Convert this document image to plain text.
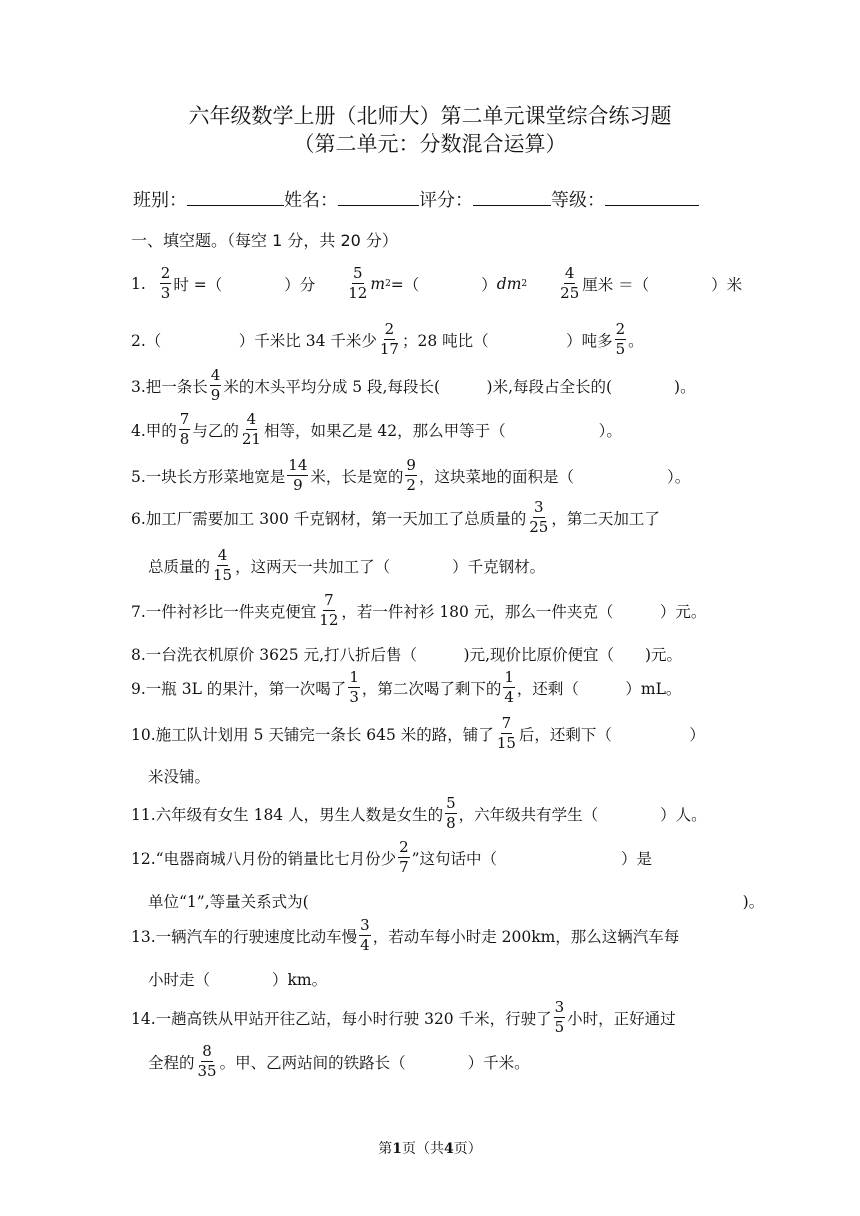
六年级数学上册（北师大）第二单元课堂综合练习题
（第二单元：分数混合运算）
班别：	姓名：	评分：	等级：
一、填空题。（每空 1 分，共 20 分）
1. $\frac{2}{3}$ 时 =（　　　　）分 $\frac{5}{12}$ m 2 =（　　　　） dm $2 \frac{4}{25}$ 厘米 ＝（　　　　）米
2.（　　　　　）千米比 34 千米少 $\frac{2}{17}$ ；28 吨比（　　　　　）吨多 $\frac{2}{5}$ 。
3.把一条长 $\frac{4}{9}$ 米的木头平均分成 5 段,每段长(　　　)米,每段占全长的(　　　　)。
4.甲的 $\frac{7}{8}$ 与乙的 $\frac{4}{21}$ 相等，如果乙是 42，那么甲等于（　　　　　　）。
5.一块长方形菜地宽是 $\frac{14}{9}$ 米，长是宽的 $\frac{9}{2}$ ，这块菜地的面积是（　　　　　　）。
6.加工厂需要加工 300 千克钢材，第一天加工了总质量的 $\frac{3}{25}$ ，第二天加工了
总质量的 $\frac{4}{15}$ ，这两天一共加工了（　　　　）千克钢材。
7.一件衬衫比一件夹克便宜 $\frac{7}{12}$ ，若一件衬衫 180 元，那么一件夹克（　　　）元。
8.一台洗衣机原价 3625 元,打八折后售（　　　)元,现价比原价便宜（　　)元。
9.一瓶 3L 的果汁，第一次喝了 $\frac{1}{3}$ ，第二次喝了剩下的 $\frac{1}{4}$ ，还剩（　　　）mL。
10.施工队计划用 5 天铺完一条长 645 米的路，铺了 $\frac{7}{15}$ 后，还剩下（　　　　　）
米没铺。
11.六年级有女生 184 人，男生人数是女生的 $\frac{5}{8}$ ，六年级共有学生（　　　　）人。
12.“电器商城八月份的销量比七月份少 $\frac{2}{7}$ ”这句话中（　　　　　　　　）是
单位“1”,等量关系式为(　　　　　　　　　　　　　　　　　　　　　　　　　　　　)。
13.一辆汽车的行驶速度比动车慢 $\frac{3}{4}$ ，若动车每小时走 200km，那么这辆汽车每
小时走（　　　　）km。
14.一趟高铁从甲站开往乙站，每小时行驶 320 千米，行驶了 $\frac{3}{5}$ 小时，正好通过
全程的 $\frac{8}{35}$ 。甲、乙两站间的铁路长（　　　　）千米。
第1页（共4页）
